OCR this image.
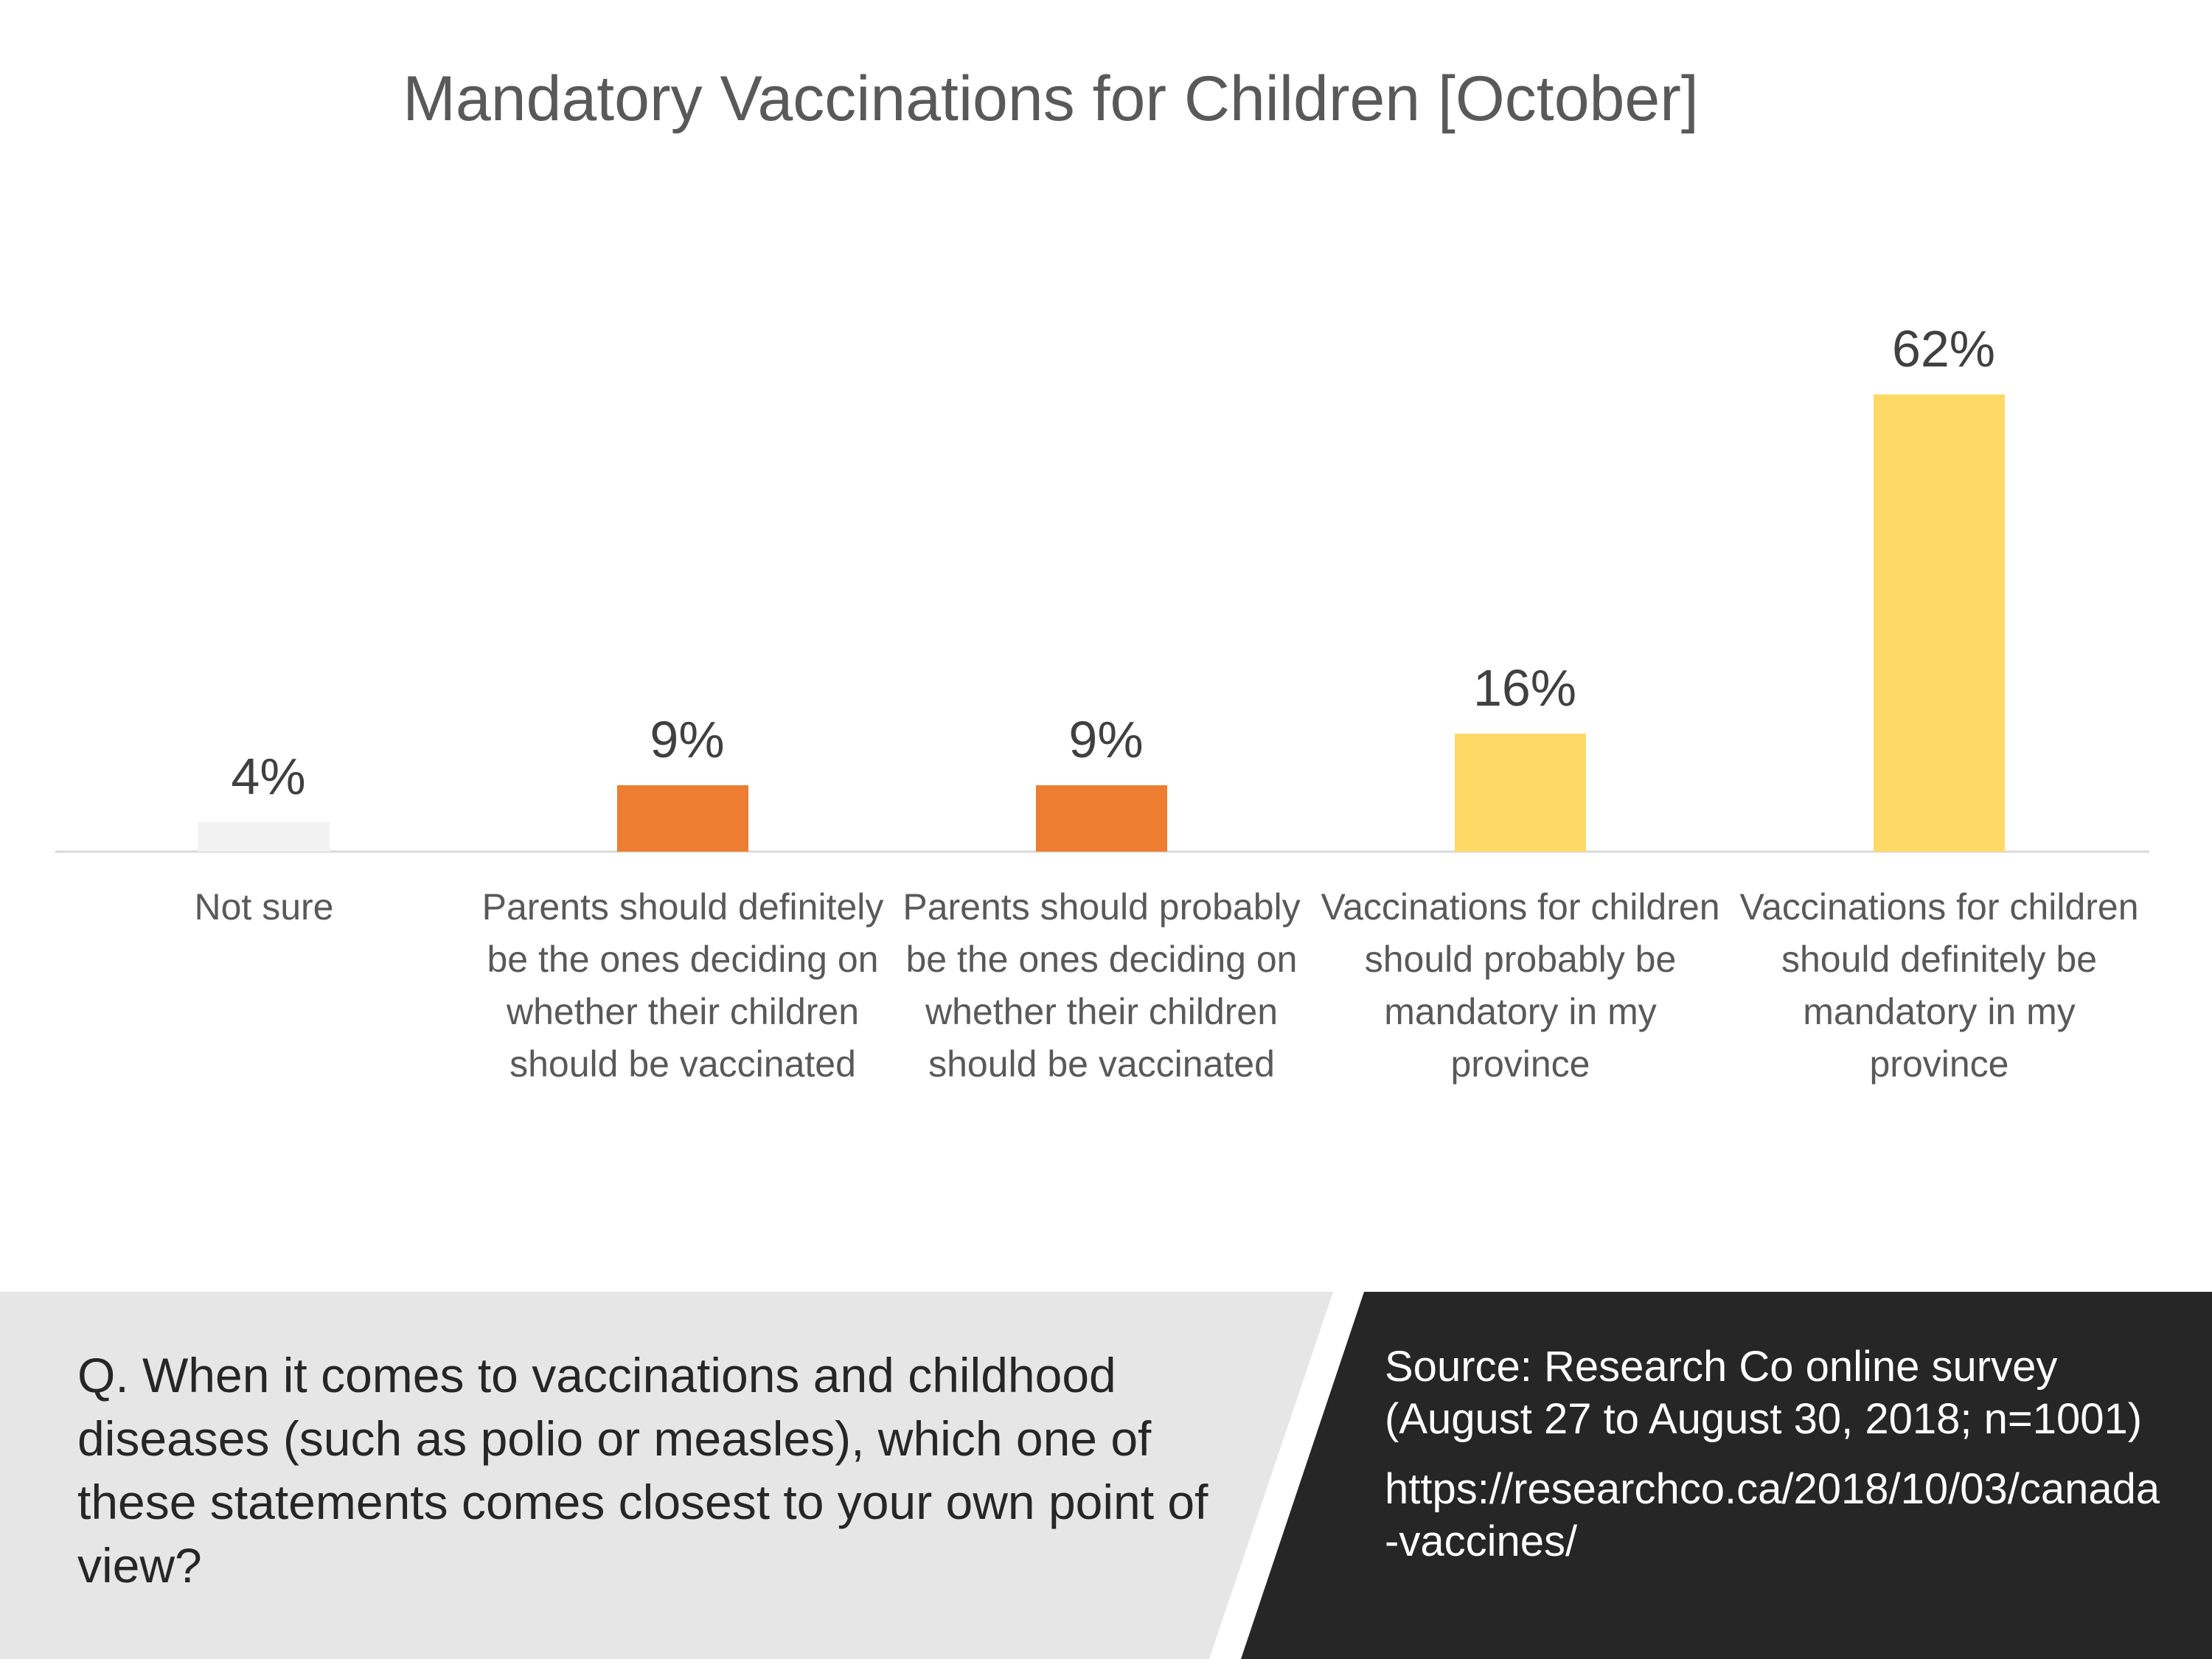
Mandatory Vaccinations for Children [October]
4%
9%	9%
16%
62%
Not sure	Parents should definitely be the ones deciding on whether their children should be vaccinated
Parents should probably be the ones deciding on whether their children should be vaccinated
Vaccinations for children should probably be mandatory in my province
Vaccinations for children should definitely be mandatory in my province
Q. When it comes to vaccinations and childhood diseases (such as polio or measles), which one of these statements comes closest to your own point of view?

Source: Research Co online survey (August 27 to August 30, 2018; n=1001)

https://researchco.ca/2018/10/03/canada-vaccines/
